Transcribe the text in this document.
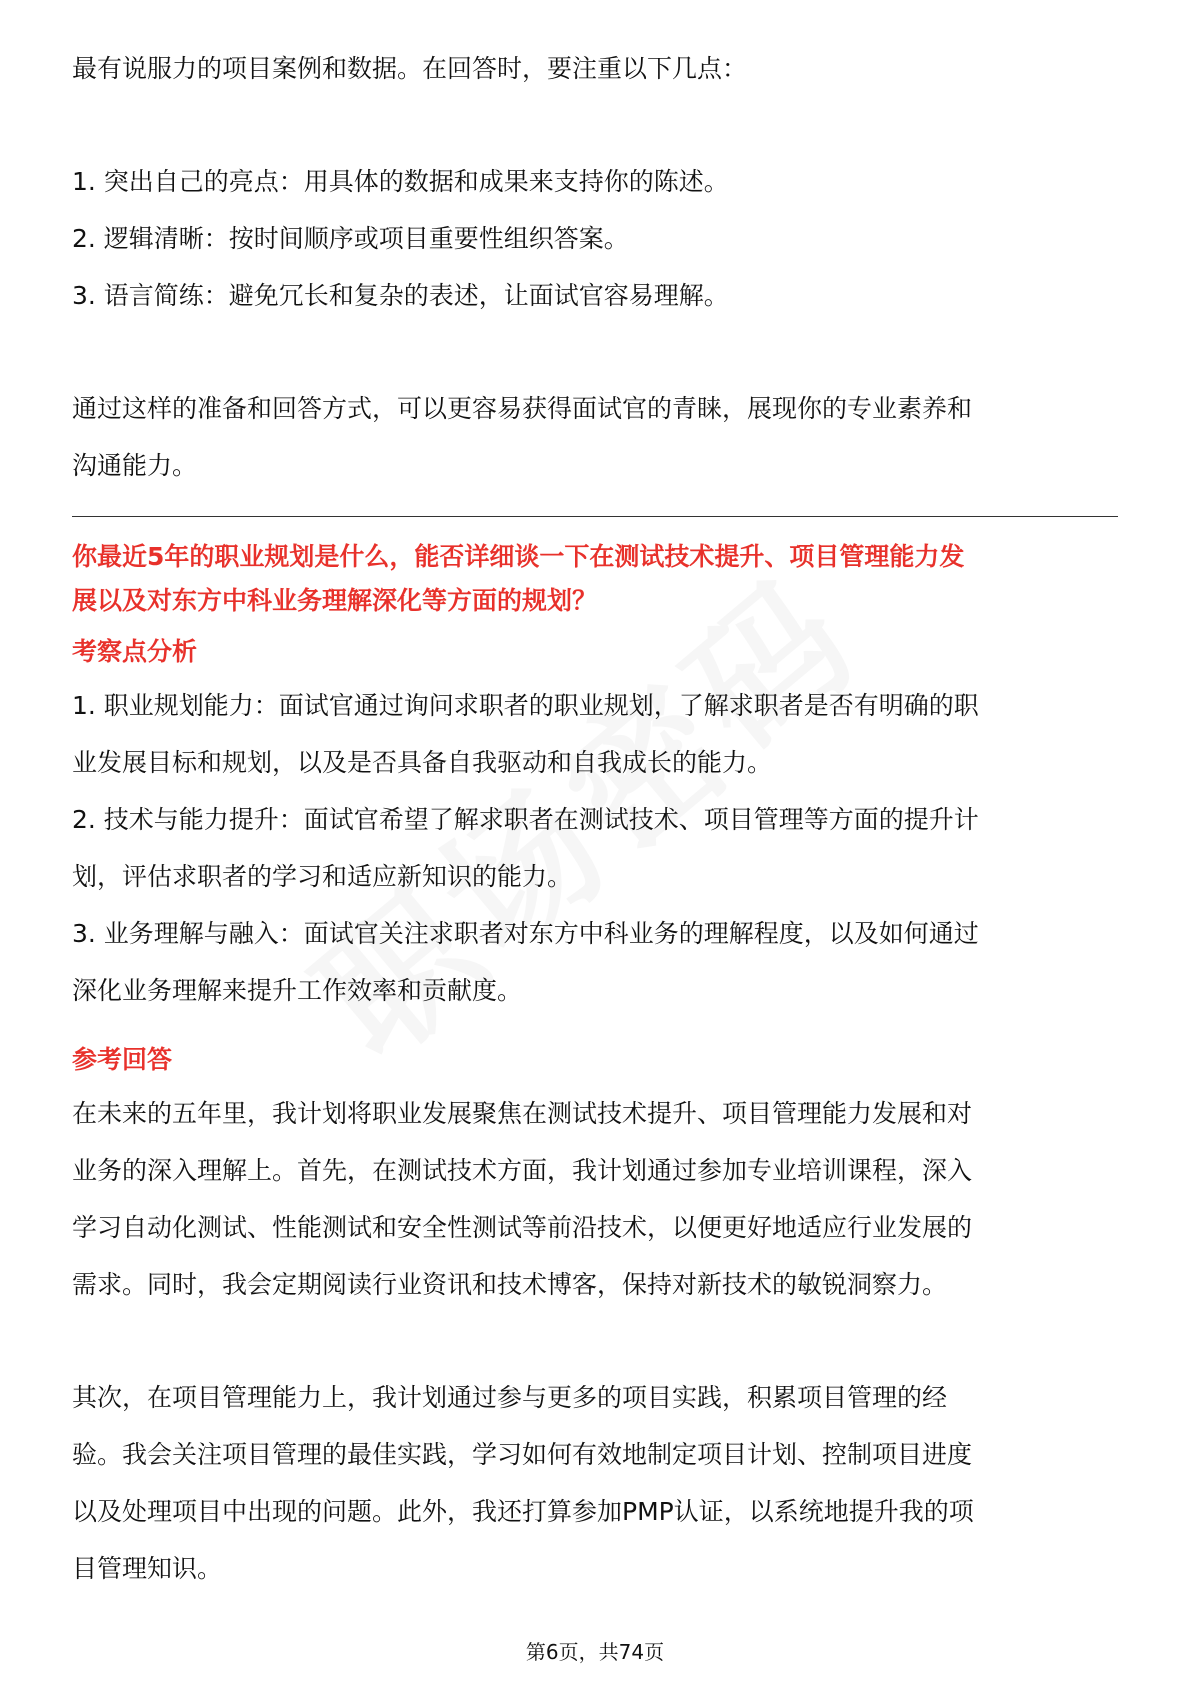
最有说服力的项目案例和数据。在回答时，要注重以下几点：

1. 突出自己的亮点：用具体的数据和成果来支持你的陈述。

2. 逻辑清晰：按时间顺序或项目重要性组织答案。

3. 语言简练：避免冗长和复杂的表述，让面试官容易理解。

通过这样的准备和回答方式，可以更容易获得面试官的青睐，展现你的专业素养和

沟通能力。

你最近5年的职业规划是什么，能否详细谈一下在测试技术提升、项目管理能力发

展以及对东方中科业务理解深化等方面的规划？

考察点分析

1. 职业规划能力：面试官通过询问求职者的职业规划，了解求职者是否有明确的职

业发展目标和规划，以及是否具备自我驱动和自我成长的能力。

2. 技术与能力提升：面试官希望了解求职者在测试技术、项目管理等方面的提升计

划，评估求职者的学习和适应新知识的能力。

3. 业务理解与融入：面试官关注求职者对东方中科业务的理解程度，以及如何通过

深化业务理解来提升工作效率和贡献度。

参考回答

在未来的五年里，我计划将职业发展聚焦在测试技术提升、项目管理能力发展和对

业务的深入理解上。首先，在测试技术方面，我计划通过参加专业培训课程，深入

学习自动化测试、性能测试和安全性测试等前沿技术，以便更好地适应行业发展的

需求。同时，我会定期阅读行业资讯和技术博客，保持对新技术的敏锐洞察力。

其次，在项目管理能力上，我计划通过参与更多的项目实践，积累项目管理的经

验。我会关注项目管理的最佳实践，学习如何有效地制定项目计划、控制项目进度

以及处理项目中出现的问题。此外，我还打算参加PMP认证，以系统地提升我的项

目管理知识。

第6页，共74页
